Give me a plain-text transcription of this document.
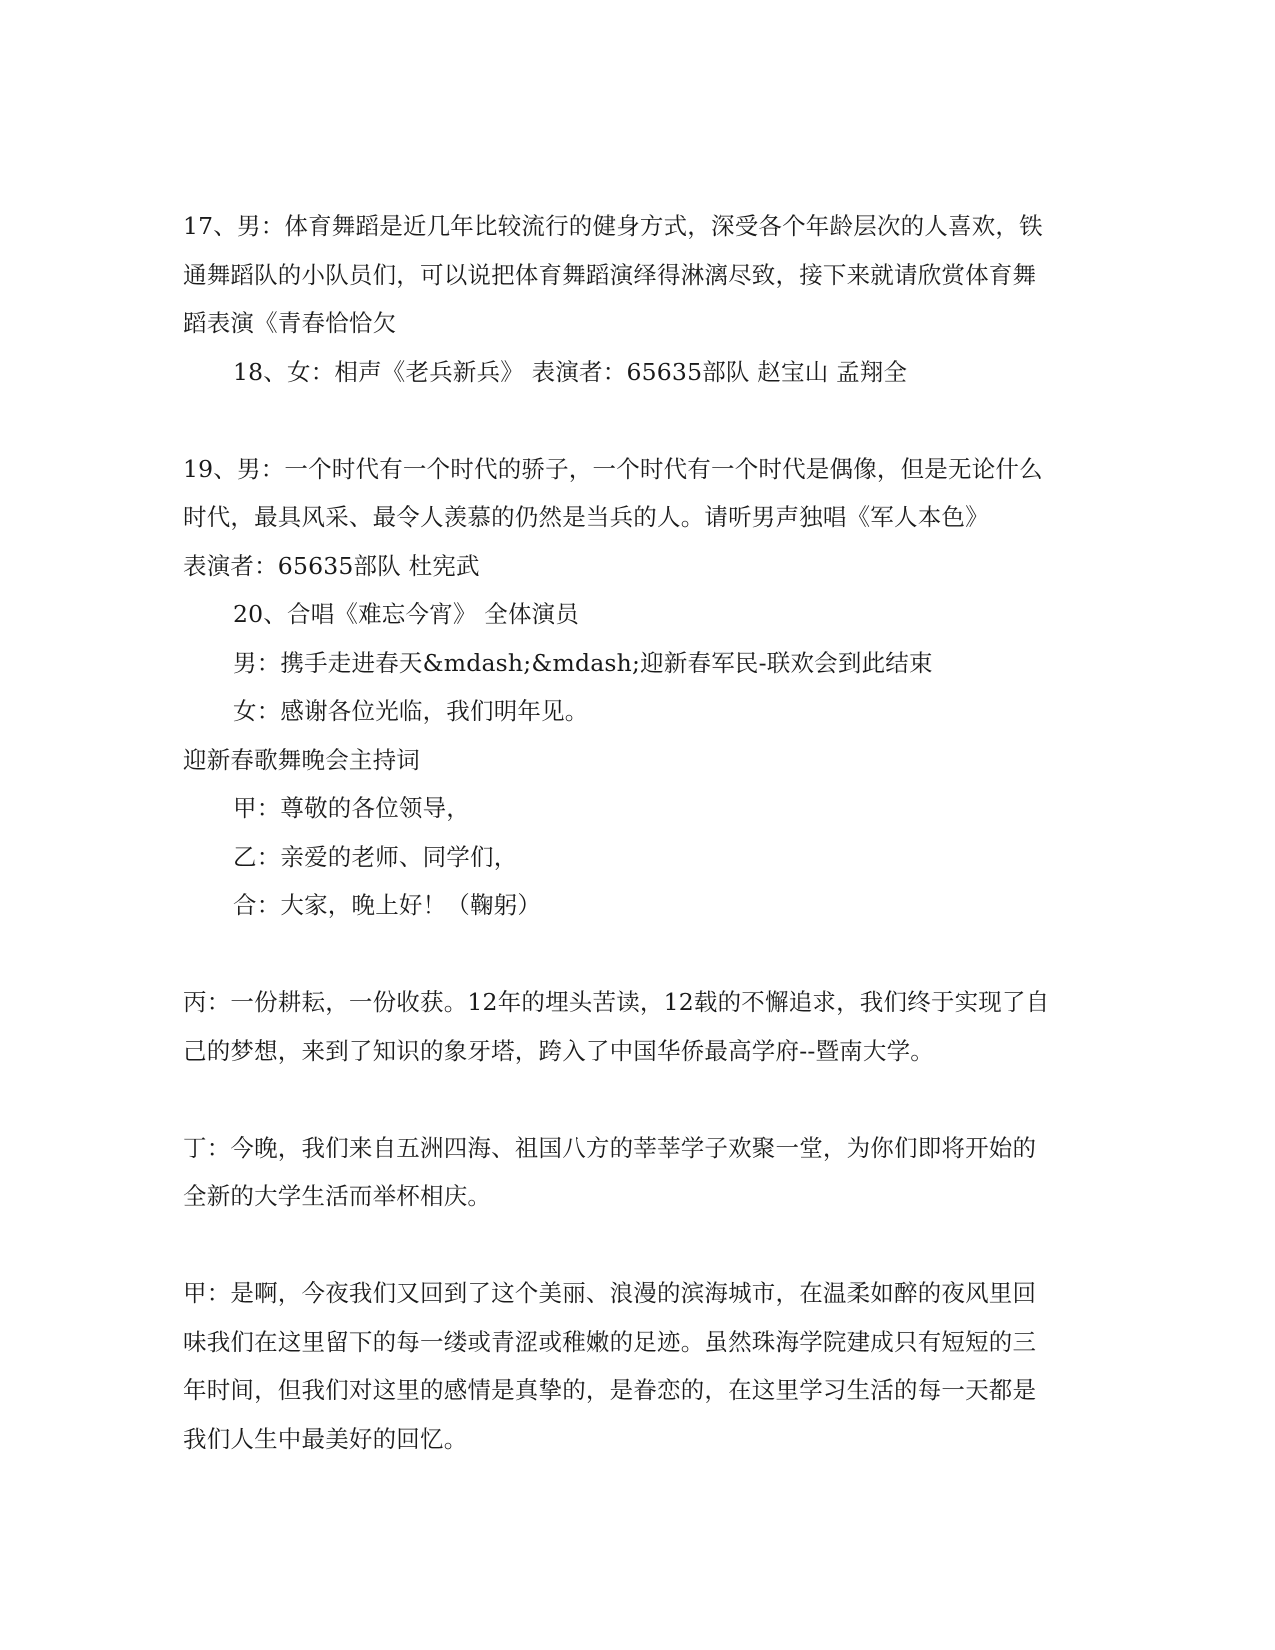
17、男：体育舞蹈是近几年比较流行的健身方式，深受各个年龄层次的人喜欢，铁
通舞蹈队的小队员们，可以说把体育舞蹈演绎得淋漓尽致，接下来就请欣赏体育舞
蹈表演《青春恰恰欠
18、女：相声《老兵新兵》 表演者：65635部队 赵宝山 孟翔全
19、男：一个时代有一个时代的骄子，一个时代有一个时代是偶像，但是无论什么
时代，最具风采、最令人羡慕的仍然是当兵的人。请听男声独唱《军人本色》
表演者：65635部队 杜宪武
20、合唱《难忘今宵》 全体演员
男：携手走进春天&mdash;&mdash;迎新春军民-联欢会到此结束
女：感谢各位光临，我们明年见。
迎新春歌舞晚会主持词
甲：尊敬的各位领导，
乙：亲爱的老师、同学们，
合：大家，晚上好！（鞠躬）
丙：一份耕耘，一份收获。12年的埋头苦读，12载的不懈追求，我们终于实现了自
己的梦想，来到了知识的象牙塔，跨入了中国华侨最高学府--暨南大学。
丁：今晚，我们来自五洲四海、祖国八方的莘莘学子欢聚一堂，为你们即将开始的
全新的大学生活而举杯相庆。
甲：是啊，今夜我们又回到了这个美丽、浪漫的滨海城市，在温柔如醉的夜风里回
味我们在这里留下的每一缕或青涩或稚嫩的足迹。虽然珠海学院建成只有短短的三
年时间，但我们对这里的感情是真挚的，是眷恋的，在这里学习生活的每一天都是
我们人生中最美好的回忆。
